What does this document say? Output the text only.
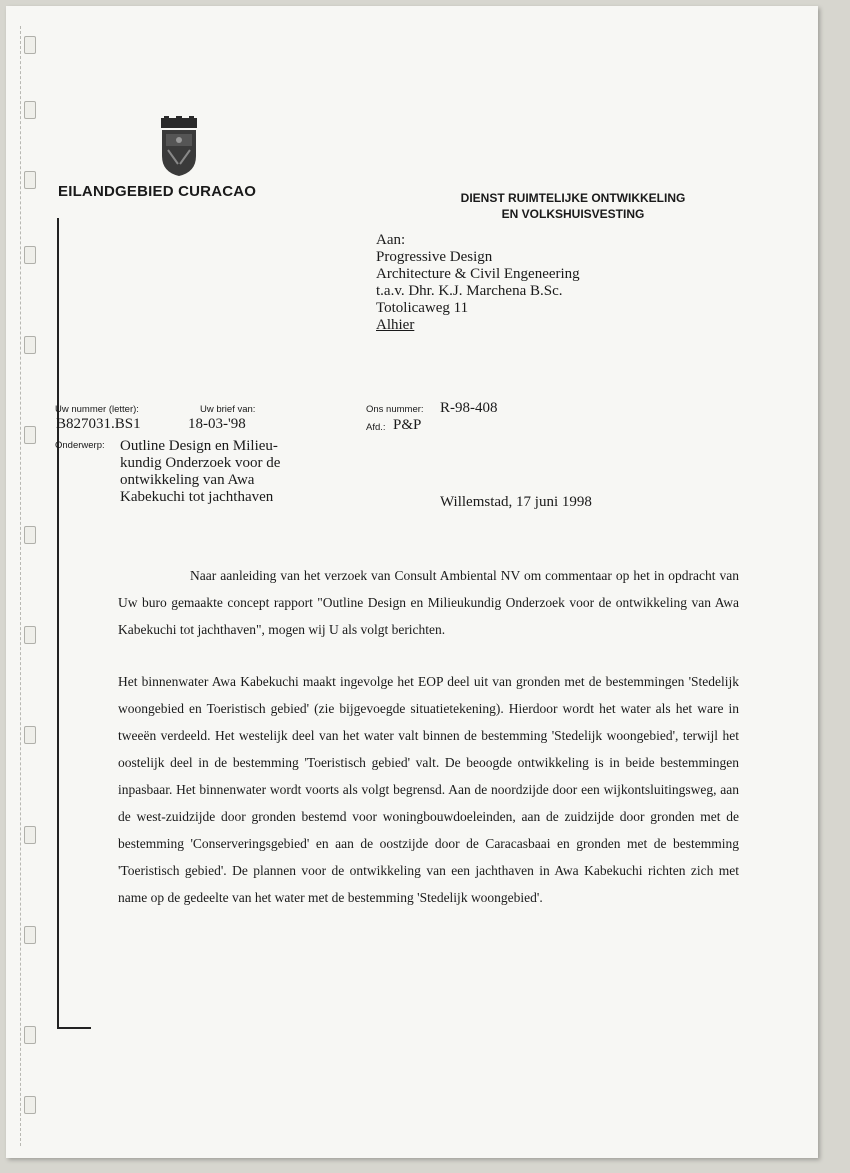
EILANDGEBIED CURACAO	DIENST RUIMTELIJKE ONTWIKKELING
EN VOLKSHUISVESTING
Aan:
Progressive Design
Architecture & Civil Engeneering
t.a.v. Dhr. K.J. Marchena B.Sc.
Totolicaweg 11
Alhier
Uw nummer (letter):
B827031.BS1
Uw brief van:
18-03-'98
Ons nummer: R-98-408
Afd.: P&P
Onderwerp: Outline Design en Milieu-
kundig Onderzoek voor de
ontwikkeling van Awa
Kabekuchi tot jachthaven	Willemstad, 17 juni 1998

Naar aanleiding van het verzoek van Consult Ambiental NV om commentaar op het in opdracht van Uw buro gemaakte concept rapport "Outline Design en Milieukundig Onderzoek voor de ontwikkeling van Awa Kabekuchi tot jachthaven", mogen wij U als volgt berichten.

Het binnenwater Awa Kabekuchi maakt ingevolge het EOP deel uit van gronden met de bestemmingen 'Stedelijk woongebied en Toeristisch gebied' (zie bijgevoegde situatietekening). Hierdoor wordt het water als het ware in tweeën verdeeld. Het westelijk deel van het water valt binnen de bestemming 'Stedelijk woongebied', terwijl het oostelijk deel in de bestemming 'Toeristisch gebied' valt. De beoogde ontwikkeling is in beide bestemmingen inpasbaar. Het binnenwater wordt voorts als volgt begrensd. Aan de noordzijde door een wijkontsluitingsweg, aan de west-zuidzijde door gronden bestemd voor woningbouwdoeleinden, aan de zuidzijde door gronden met de bestemming 'Conserveringsgebied' en aan de oostzijde door de Caracasbaai en gronden met de bestemming 'Toeristisch gebied'. De plannen voor de ontwikkeling van een jachthaven in Awa Kabekuchi richten zich met name op de gedeelte van het water met de bestemming 'Stedelijk woongebied'.
